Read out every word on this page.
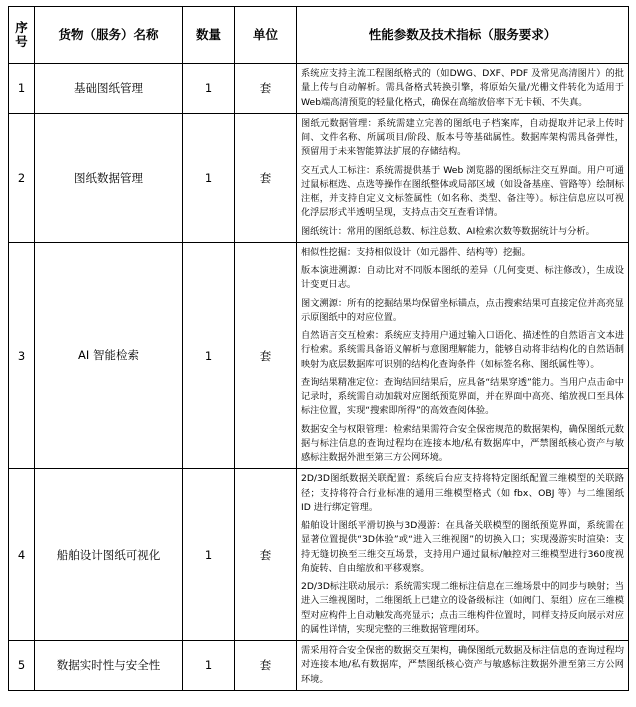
序
号	货物（服务）名称	数量	单位	性能参数及技术指标（服务要求）
1	基础图纸管理	1	套	系统应支持主流工程图纸格式的（如DWG、DXF、PDF 及常见高清图片）的批量上传与自动解析。需具备格式转换引擎，将原始矢量/光栅文件转化为适用于Web端高清预览的轻量化格式，确保在高缩放倍率下无卡顿、不失真。

2	图纸数据管理	1	套	图纸元数据管理：系统需建立完善的图纸电子档案库，自动提取并记录上传时间、文件名称、所属项目/阶段、版本号等基础属性。数据库架构需具备弹性，预留用于未来智能算法扩展的存储结构。

交互式人工标注：系统需提供基于 Web 浏览器的图纸标注交互界面。用户可通过鼠标框选、点选等操作在图纸整体或局部区域（如设备基座、管路等）绘制标注框，并支持自定义文标签属性（如名称、类型、备注等）。标注信息应以可视化浮层形式半透明呈现，支持点击交互查看详情。

图纸统计：常用的图纸总数、标注总数、AI检索次数等数据统计与分析。

3	AI 智能检索	1	套	

相似性挖掘：支持相似设计（如元器件、结构等）挖掘。

版本演进溯源：自动比对不同版本图纸的差异（几何变更、标注修改），生成设计变更日志。

图文溯源：所有的挖掘结果均保留坐标锚点，点击搜索结果可直接定位并高亮显示原图纸中的对应位置。

自然语言交互检索：系统应支持用户通过输入口语化、描述性的自然语言文本进行检索。系统需具备语义解析与意图理解能力，能够自动将非结构化的自然语制映射为底层数据库可识别的结构化查询条件（如标签名称、图纸属性等）。

查询结果精准定位：查询结回结果后，应具备“结果穿透”能力。当用户点击命中记录时，系统需自动加载对应图纸预览界面，并在界面中高亮、缩放视口至具体标注位置，实现“搜索即所得”的高效查阅体验。

数据安全与权限管理：检索结果需符合安全保密规范的数据架构，确保图纸元数据与标注信息的查询过程均在连接本地/私有数据库中，严禁图纸核心资产与敏感标注数据外泄至第三方公网环境。

4	船舶设计图纸可视化	1	套	2D/3D图纸数据关联配置：系统后台应支持将特定图纸配置三维模型的关联路径；支持将符合行业标准的通用三维模型格式（如 fbx、OBJ 等）与二维图纸 ID 进行绑定管理。

船舶设计图纸平滑切换与3D漫游：在具备关联模型的图纸预览界面，系统需在显著位置提供“3D体验”或“进入三维视图”的切换入口；实现漫游实时渲染：支持无缝切换至三维交互场景，支持用户通过鼠标/触控对三维模型进行360度视角旋转、自由缩放和平移观察。

2D/3D标注联动展示：系统需实现二维标注信息在三维场景中的同步与映射；当进入三维视图时，二维图纸上已建立的设备级标注（如阀门、泵组）应在三维模型对应构件上自动触发高亮显示；点击三维构件位置时，同样支持反向展示对应的属性详情，实现完整的三维数据管理闭环。

5	数据实时性与安全性	1	套	需采用符合安全保密的数据交互架构，确保图纸元数据及标注信息的查询过程均对连接本地/私有数据库，严禁图纸核心资产与敏感标注数据外泄至第三方公网环境。
